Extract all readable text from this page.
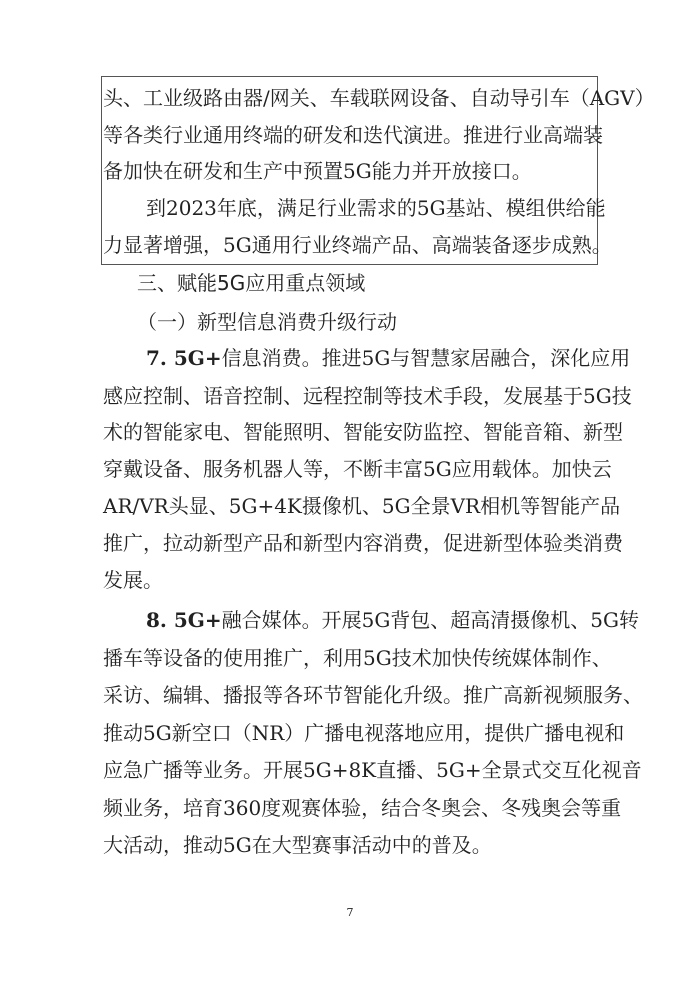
头、工业级路由器/网关、车载联网设备、自动导引车（AGV）
等各类行业通用终端的研发和迭代演进。推进行业高端装
备加快在研发和生产中预置5G能力并开放接口。
到2023年底，满足行业需求的5G基站、模组供给能
力显著增强，5G通用行业终端产品、高端装备逐步成熟。
三、赋能5G应用重点领域
（一）新型信息消费升级行动
7. 5G+信息消费。推进5G与智慧家居融合，深化应用
感应控制、语音控制、远程控制等技术手段，发展基于5G技
术的智能家电、智能照明、智能安防监控、智能音箱、新型
穿戴设备、服务机器人等，不断丰富5G应用载体。加快云
AR/VR头显、5G+4K摄像机、5G全景VR相机等智能产品
推广，拉动新型产品和新型内容消费，促进新型体验类消费
发展。
8. 5G+融合媒体。开展5G背包、超高清摄像机、5G转
播车等设备的使用推广，利用5G技术加快传统媒体制作、
采访、编辑、播报等各环节智能化升级。推广高新视频服务、
推动5G新空口（NR）广播电视落地应用，提供广播电视和
应急广播等业务。开展5G+8K直播、5G+全景式交互化视音
频业务，培育360度观赛体验，结合冬奥会、冬残奥会等重
大活动，推动5G在大型赛事活动中的普及。
7
